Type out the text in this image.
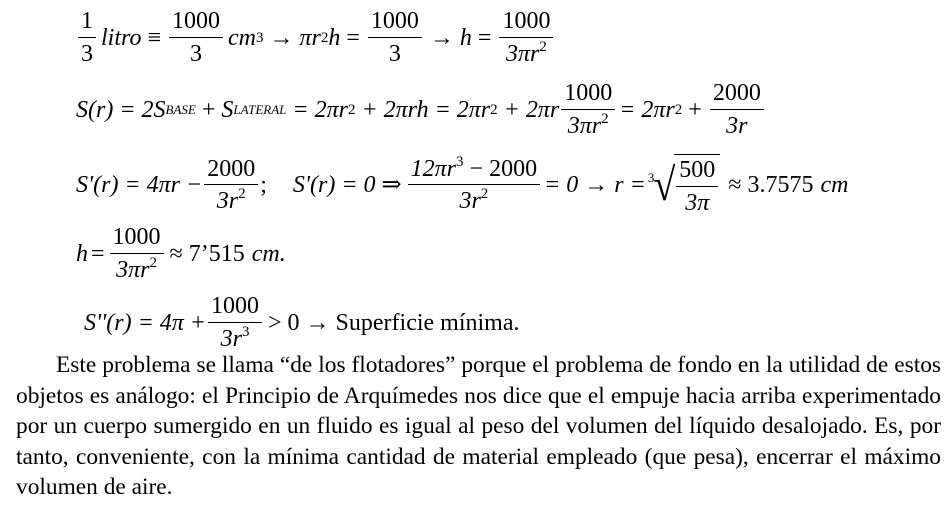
$\frac{1}{3}$ litro ≡ $\frac{1000}{3}$ cm 3 → πr 2 $h = \frac{1000}{3} \to h = \frac{1000}{3\pi r^2}$
S(r) = 2S BASE + S LATERAL = 2πr 2 + 2πrh = 2πr $2 + 2\pi r \frac{1000}{3\pi r^2} = 2\pi r$ $2 + \frac{2000}{3r}$
$S'(r) = 4\pi r - \frac{2000}{3r^2}$ ; S'(r) = 0 ⇒ $\frac{12\pi r^3 - 2000}{3r^2} = 0 \to r = 3$ √ $\frac{500}{3\pi} \approx 3.7575$ cm
$h = \frac{1000}{3\pi r^2}$ ≈ 7’515 cm.
$S''(r) = 4\pi + \frac{1000}{3r^3} > 0$ → Superficie mínima.

Este problema se llama “de los flotadores” porque el problema de fondo en la utilidad de estos objetos es análogo: el Principio de Arquímedes nos dice que el empuje hacia arriba experimentado por un cuerpo sumergido en un fluido es igual al peso del volumen del líquido desalojado. Es, por tanto, conveniente, con la mínima cantidad de material empleado (que pesa), encerrar el máximo volumen de aire.
